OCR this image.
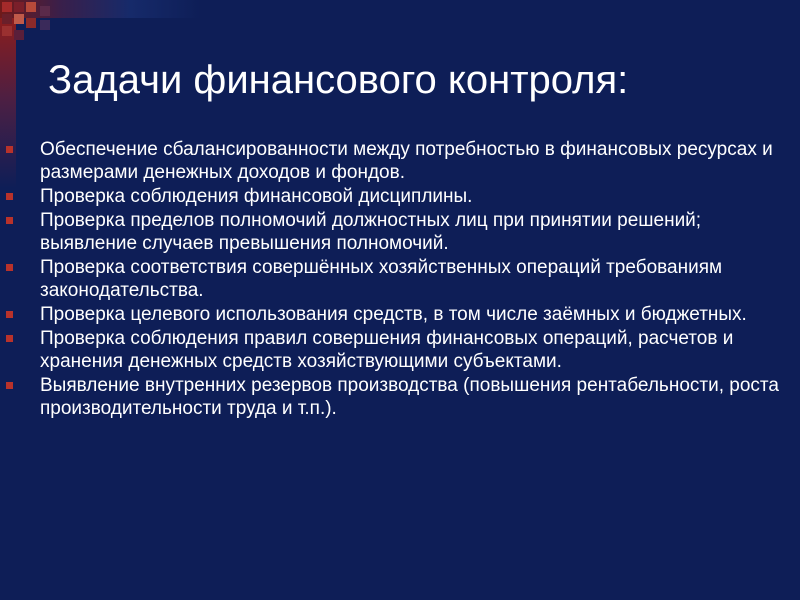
Задачи финансового контроля:
Обеспечение сбалансированности между потребностью в финансовых ресурсах и размерами денежных доходов и фондов.
Проверка соблюдения финансовой дисциплины.
Проверка пределов полномочий должностных лиц при принятии решений; выявление случаев превышения полномочий.
Проверка соответствия совершённых хозяйственных операций требованиям законодательства.
Проверка целевого использования средств, в том числе заёмных и бюджетных.
Проверка соблюдения правил совершения финансовых операций, расчетов и хранения денежных средств хозяйствующими субъектами.
Выявление внутренних резервов производства (повышения рентабельности, роста производительности труда и т.п.).
